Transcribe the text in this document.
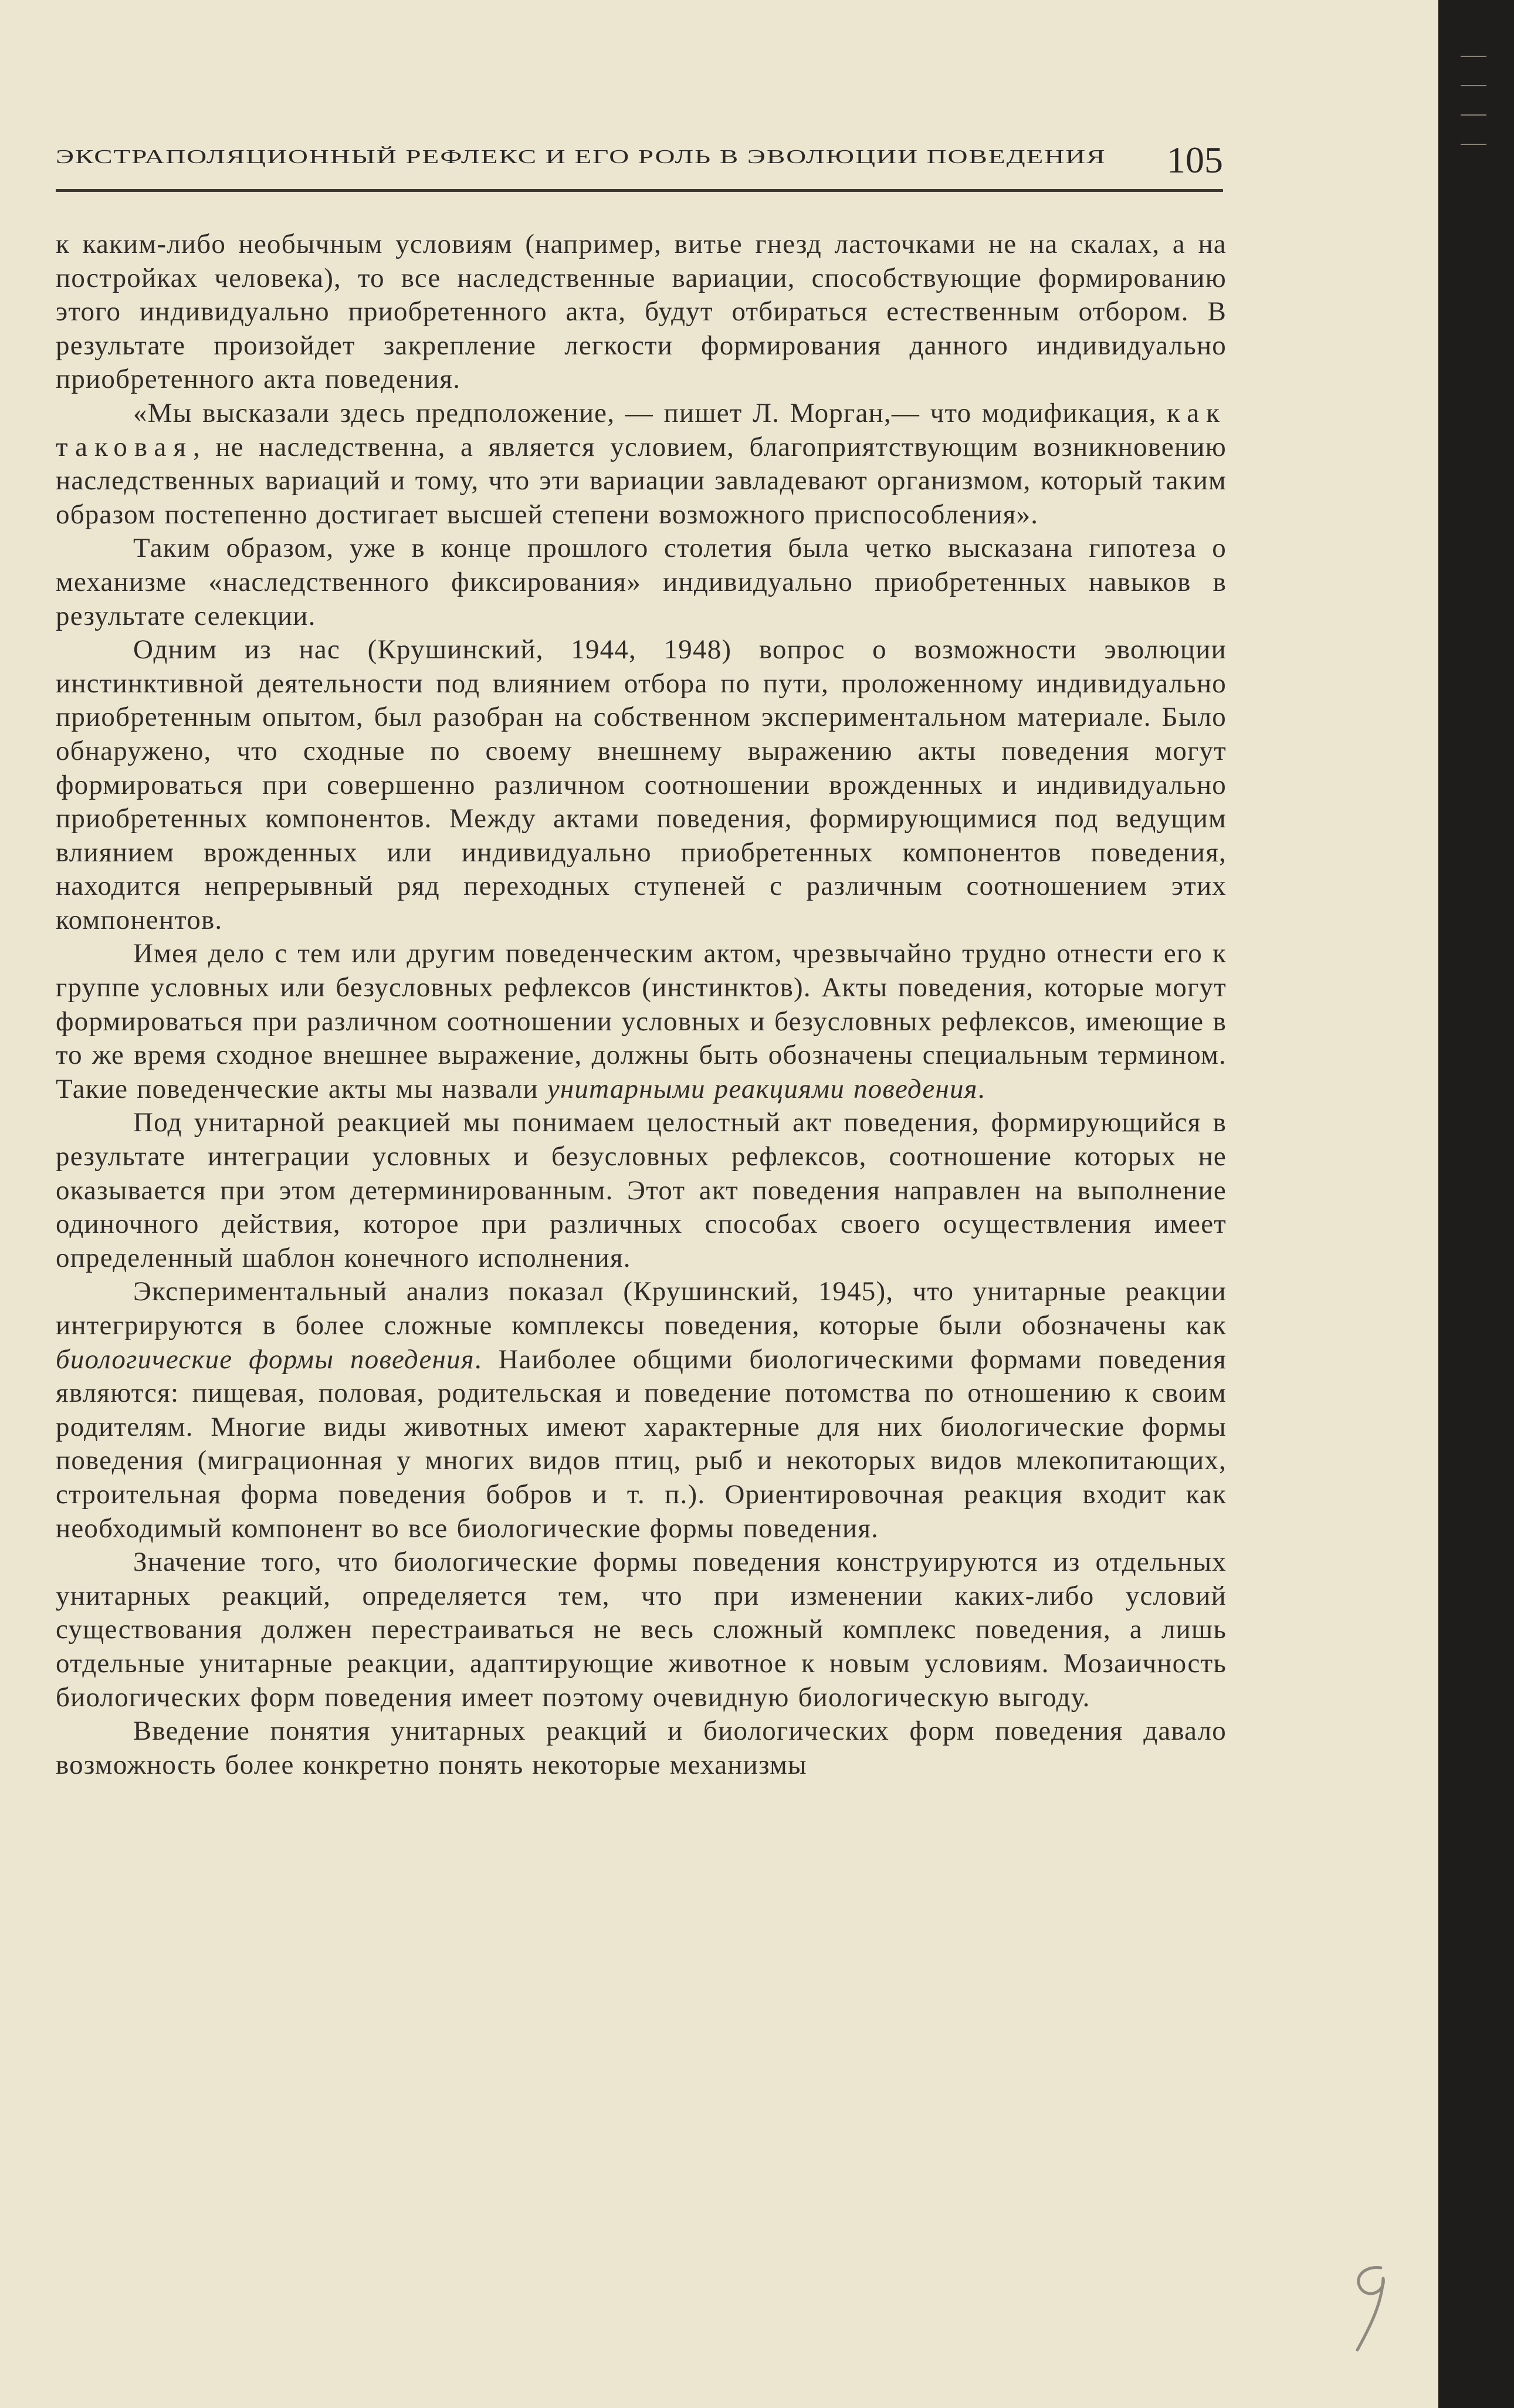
ЭКСТРАПОЛЯЦИОННЫЙ РЕФЛЕКС И ЕГО РОЛЬ В ЭВОЛЮЦИИ ПОВЕДЕНИЯ 105

к каким-либо необычным условиям (например, витье гнезд ласточками не на скалах, а на постройках человека), то все наследственные вариации, способствующие формированию этого индивидуально приобретенного акта, будут отбираться естественным отбором. В результате произойдет закрепление легкости формирования данного индивидуально приобретенного акта поведения.

«Мы высказали здесь предположение, — пишет Л. Морган,— что модификация, как таковая, не наследственна, а является условием, благоприятствующим возникновению наследственных вариаций и тому, что эти вариации завладевают организмом, который таким образом постепенно достигает высшей степени возможного приспособления».

Таким образом, уже в конце прошлого столетия была четко высказана гипотеза о механизме «наследственного фиксирования» индивидуально приобретенных навыков в результате селекции.

Одним из нас (Крушинский, 1944, 1948) вопрос о возможности эволюции инстинктивной деятельности под влиянием отбора по пути, проложенному индивидуально приобретенным опытом, был разобран на собственном экспериментальном материале. Было обнаружено, что сходные по своему внешнему выражению акты поведения могут формироваться при совершенно различном соотношении врожденных и индивидуально приобретенных компонентов. Между актами поведения, формирующимися под ведущим влиянием врожденных или индивидуально приобретенных компонентов поведения, находится непрерывный ряд переходных ступеней с различным соотношением этих компонентов.

Имея дело с тем или другим поведенческим актом, чрезвычайно трудно отнести его к группе условных или безусловных рефлексов (инстинктов). Акты поведения, которые могут формироваться при различном соотношении условных и безусловных рефлексов, имеющие в то же время сходное внешнее выражение, должны быть обозначены специальным термином. Такие поведенческие акты мы назвали унитарными реакциями поведения.

Под унитарной реакцией мы понимаем целостный акт поведения, формирующийся в результате интеграции условных и безусловных рефлексов, соотношение которых не оказывается при этом детерминированным. Этот акт поведения направлен на выполнение одиночного действия, которое при различных способах своего осуществления имеет определенный шаблон конечного исполнения.

Экспериментальный анализ показал (Крушинский, 1945), что унитарные реакции интегрируются в более сложные комплексы поведения, которые были обозначены как биологические формы поведения. Наиболее общими биологическими формами поведения являются: пищевая, половая, родительская и поведение потомства по отношению к своим родителям. Многие виды животных имеют характерные для них биологические формы поведения (миграционная у многих видов птиц, рыб и некоторых видов млекопитающих, строительная форма поведения бобров и т. п.). Ориентировочная реакция входит как необходимый компонент во все биологические формы поведения.

Значение того, что биологические формы поведения конструируются из отдельных унитарных реакций, определяется тем, что при изменении каких-либо условий существования должен перестраиваться не весь сложный комплекс поведения, а лишь отдельные унитарные реакции, адаптирующие животное к новым условиям. Мозаичность биологических форм поведения имеет поэтому очевидную биологическую выгоду.

Введение понятия унитарных реакций и биологических форм поведения давало возможность более конкретно понять некоторые механизмы
